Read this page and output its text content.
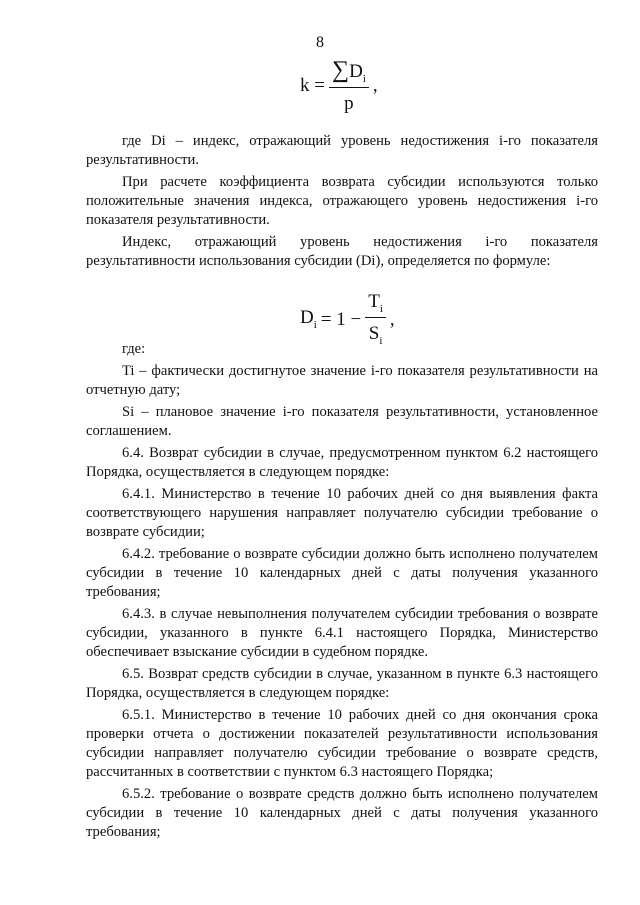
8
$k = \frac{\sum D_i}{p}$ ,

где Di – индекс, отражающий уровень недостижения i-го показателя результативности.

При расчете коэффициента возврата субсидии используются только положительные значения индекса, отражающего уровень недостижения i-го показателя результативности.

Индекс, отражающий уровень недостижения i-го показателя результативности использования субсидии (Di), определяется по формуле:

$D_i = 1 - \frac{T_i}{S_i}$ ,

где:

Ti – фактически достигнутое значение i-го показателя результативности на отчетную дату;

Si – плановое значение i-го показателя результативности, установленное соглашением.

6.4. Возврат субсидии в случае, предусмотренном пунктом 6.2 настоящего Порядка, осуществляется в следующем порядке:

6.4.1. Министерство в течение 10 рабочих дней со дня выявления факта соответствующего нарушения направляет получателю субсидии требование о возврате субсидии;

6.4.2. требование о возврате субсидии должно быть исполнено получателем субсидии в течение 10 календарных дней с даты получения указанного требования;

6.4.3. в случае невыполнения получателем субсидии требования о возврате субсидии, указанного в пункте 6.4.1 настоящего Порядка, Министерство обеспечивает взыскание субсидии в судебном порядке.

6.5. Возврат средств субсидии в случае, указанном в пункте 6.3 настоящего Порядка, осуществляется в следующем порядке:

6.5.1. Министерство в течение 10 рабочих дней со дня окончания срока проверки отчета о достижении показателей результативности использования субсидии направляет получателю субсидии требование о возврате средств, рассчитанных в соответствии с пунктом 6.3 настоящего Порядка;

6.5.2. требование о возврате средств должно быть исполнено получателем субсидии в течение 10 календарных дней с даты получения указанного требования;
